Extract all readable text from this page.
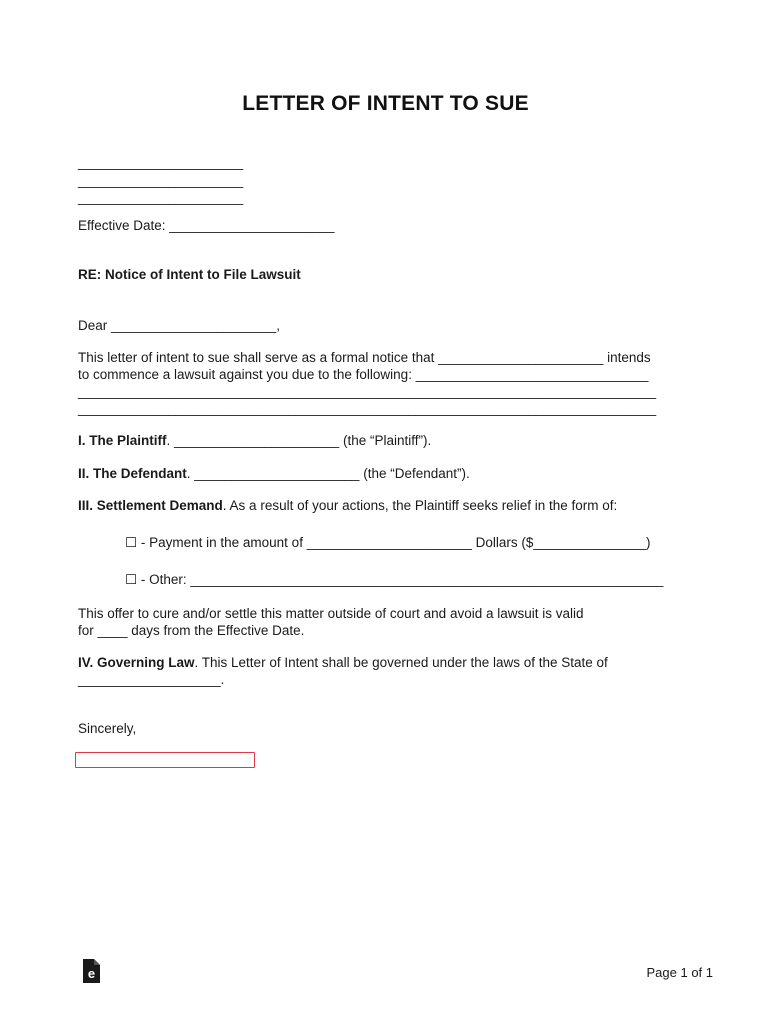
LETTER OF INTENT TO SUE
______________________
______________________
______________________
Effective Date: ______________________
RE: Notice of Intent to File Lawsuit
Dear ______________________,
This letter of intent to sue shall serve as a formal notice that ______________________ intends
to commence a lawsuit against you due to the following: _______________________________
_____________________________________________________________________________
_____________________________________________________________________________
I. The Plaintiff. ______________________ (the “Plaintiff”).
II. The Defendant. ______________________ (the “Defendant”).
III. Settlement Demand. As a result of your actions, the Plaintiff seeks relief in the form of:
☐ - Payment in the amount of ______________________ Dollars ($_______________)
☐ - Other: _______________________________________________________________
This offer to cure and/or settle this matter outside of court and avoid a lawsuit is valid
for ____ days from the Effective Date.
IV. Governing Law. This Letter of Intent shall be governed under the laws of the State of
___________________.
Sincerely,
e	Page 1 of 1
